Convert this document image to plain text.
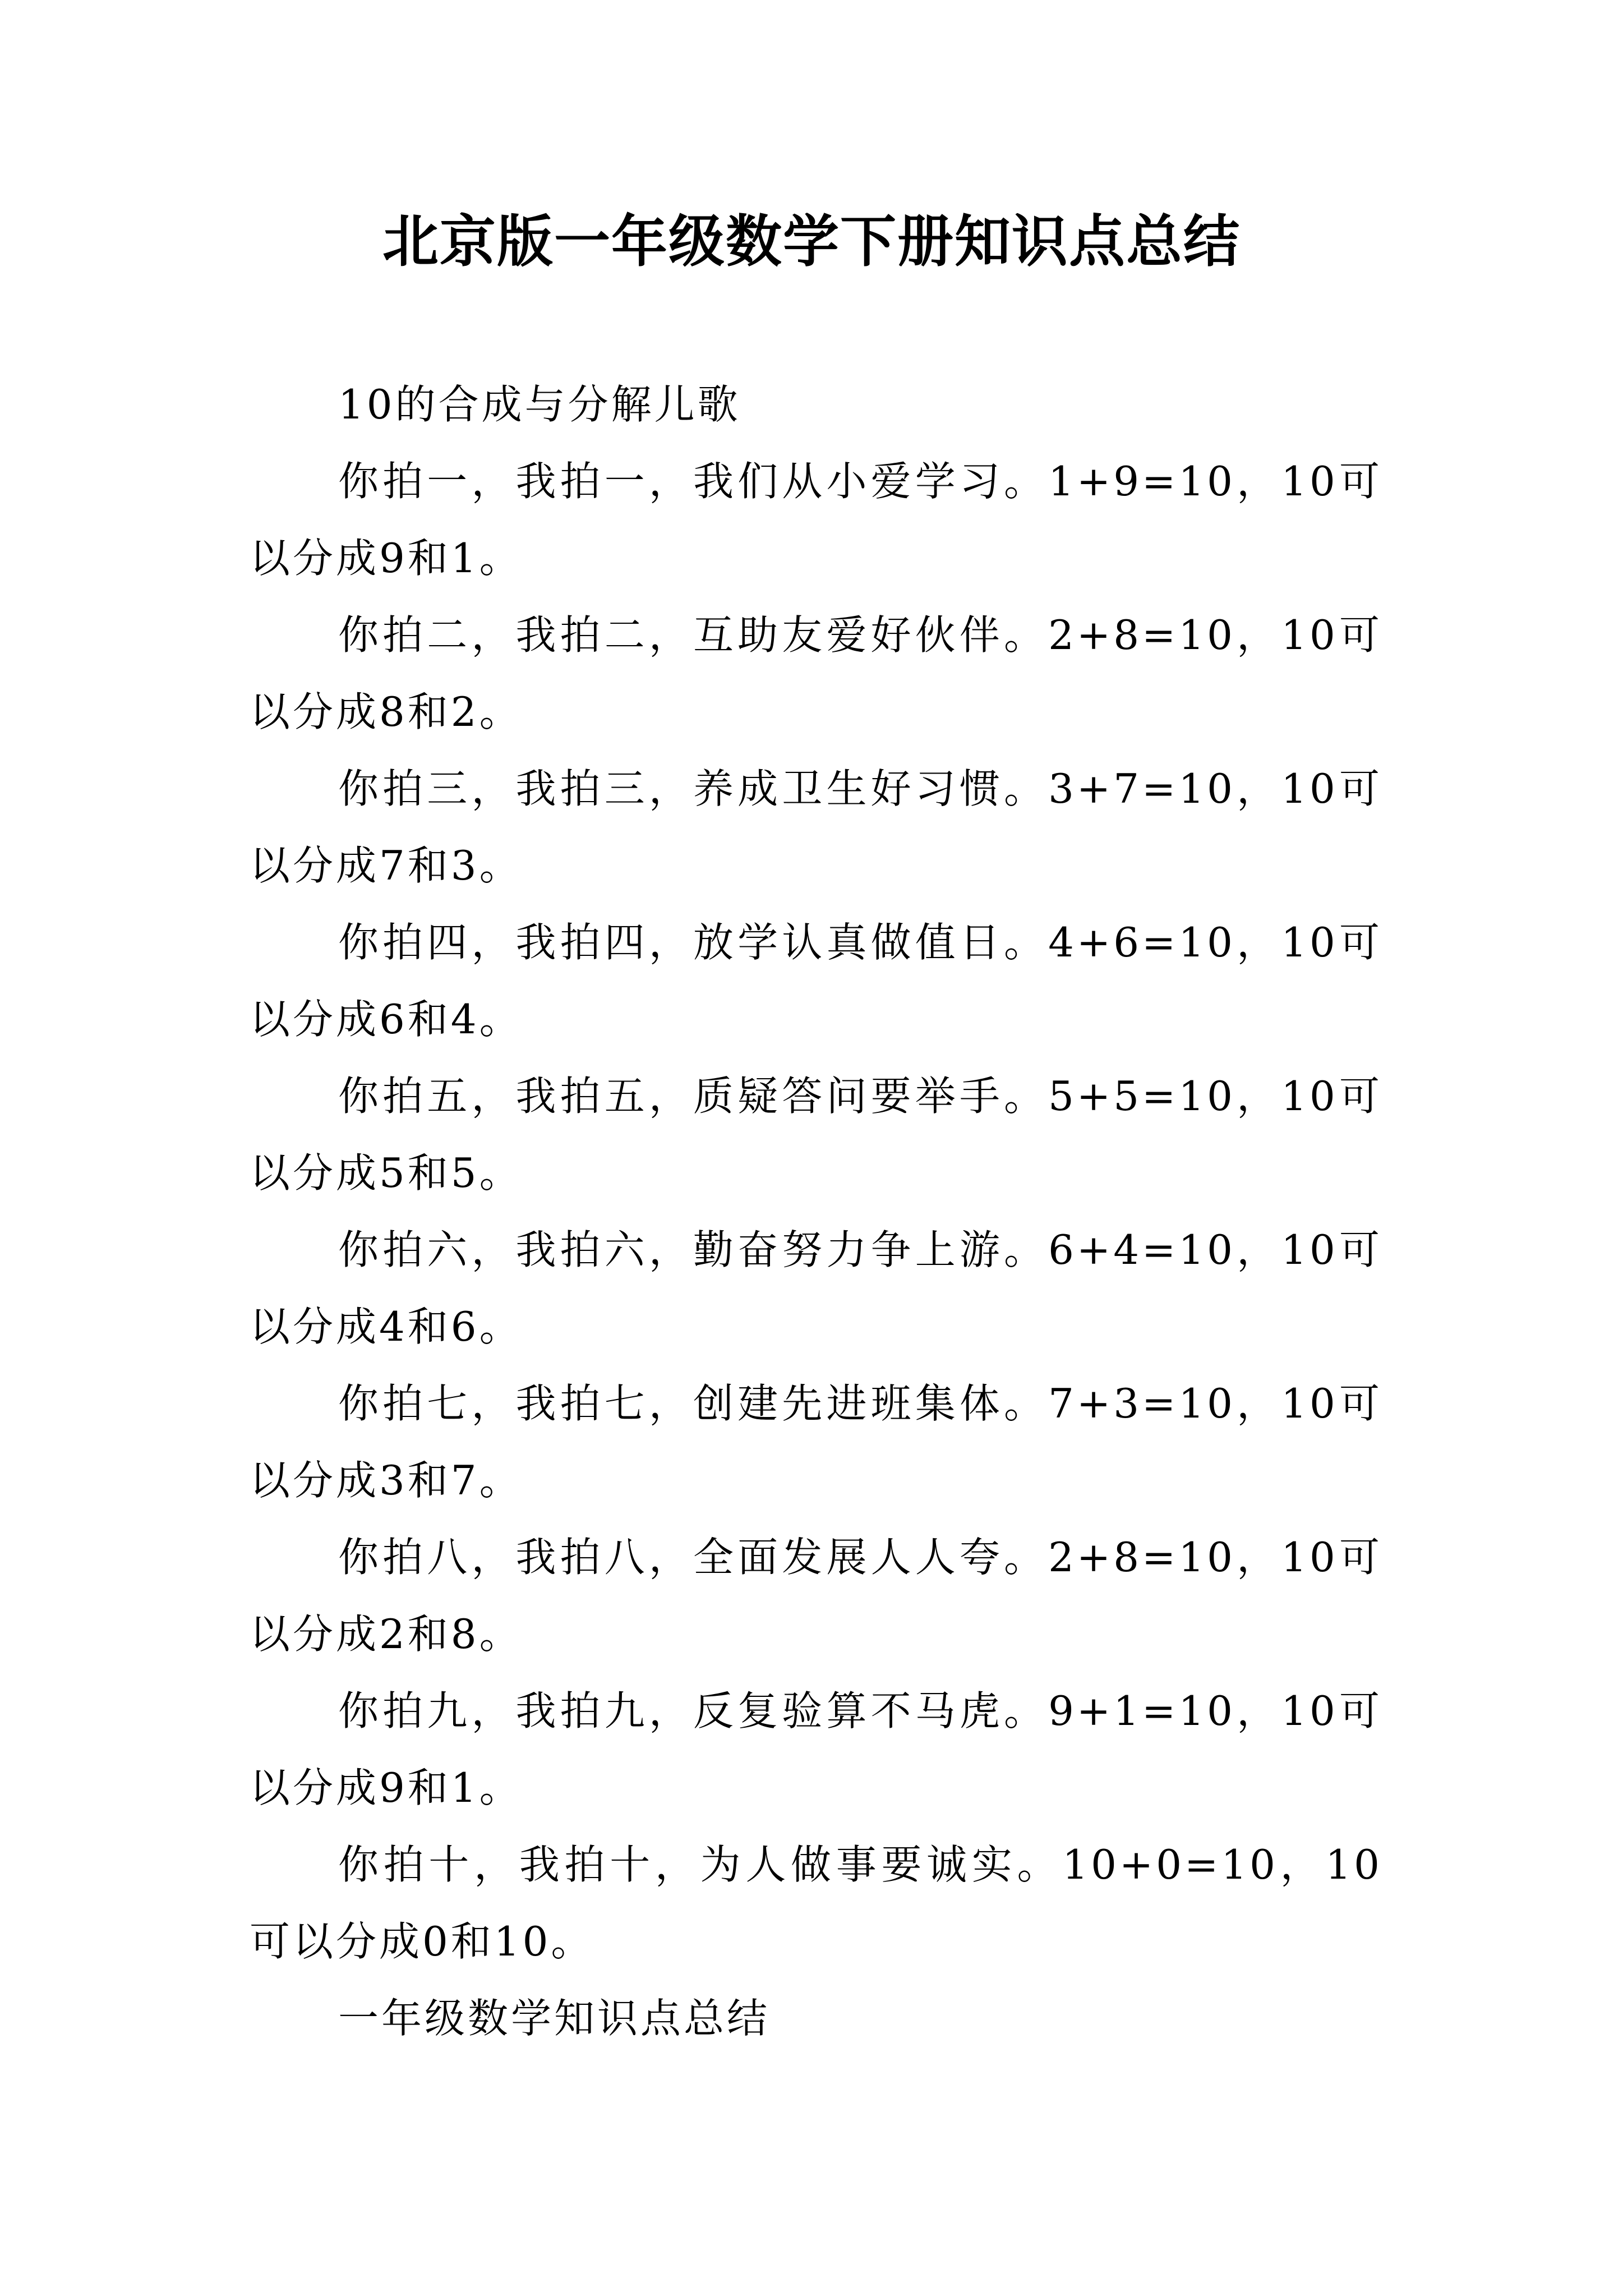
北京版一年级数学下册知识点总结

10的合成与分解儿歌

你拍一，我拍一，我们从小爱学习。1+9=10，10可以分成9和1。

你拍二，我拍二，互助友爱好伙伴。2+8=10，10可以分成8和2。

你拍三，我拍三，养成卫生好习惯。3+7=10，10可以分成7和3。

你拍四，我拍四，放学认真做值日。4+6=10，10可以分成6和4。

你拍五，我拍五，质疑答问要举手。5+5=10，10可以分成5和5。

你拍六，我拍六，勤奋努力争上游。6+4=10，10可以分成4和6。

你拍七，我拍七，创建先进班集体。7+3=10，10可以分成3和7。

你拍八，我拍八，全面发展人人夸。2+8=10，10可以分成2和8。

你拍九，我拍九，反复验算不马虎。9+1=10，10可以分成9和1。

你拍十，我拍十，为人做事要诚实。10+0=10，10可以分成0和10。

一年级数学知识点总结
